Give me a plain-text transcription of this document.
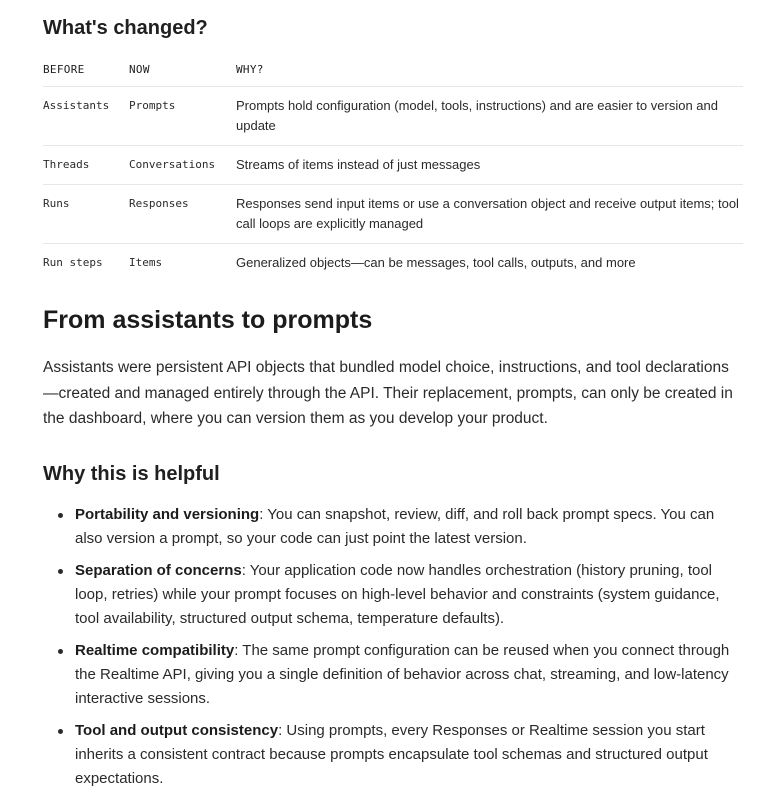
What's changed?
BEFORE	NOW	WHY?
Assistants	Prompts	Prompts hold configuration (model, tools, instructions) and are easier to version and update
Threads	Conversations	Streams of items instead of just messages
Runs	Responses	Responses send input items or use a conversation object and receive output items; tool call loops are explicitly managed
Run steps	Items	Generalized objects—can be messages, tool calls, outputs, and more
From assistants to prompts

Assistants were persistent API objects that bundled model choice, instructions, and tool declarations—created and managed entirely through the API. Their replacement, prompts, can only be created in the dashboard, where you can version them as you develop your product.

Why this is helpful
Portability and versioning: You can snapshot, review, diff, and roll back prompt specs. You can also version a prompt, so your code can just point the latest version.
Separation of concerns: Your application code now handles orchestration (history pruning, tool loop, retries) while your prompt focuses on high-level behavior and constraints (system guidance, tool availability, structured output schema, temperature defaults).
Realtime compatibility: The same prompt configuration can be reused when you connect through the Realtime API, giving you a single definition of behavior across chat, streaming, and low-latency interactive sessions.
Tool and output consistency: Using prompts, every Responses or Realtime session you start inherits a consistent contract because prompts encapsulate tool schemas and structured output expectations.
